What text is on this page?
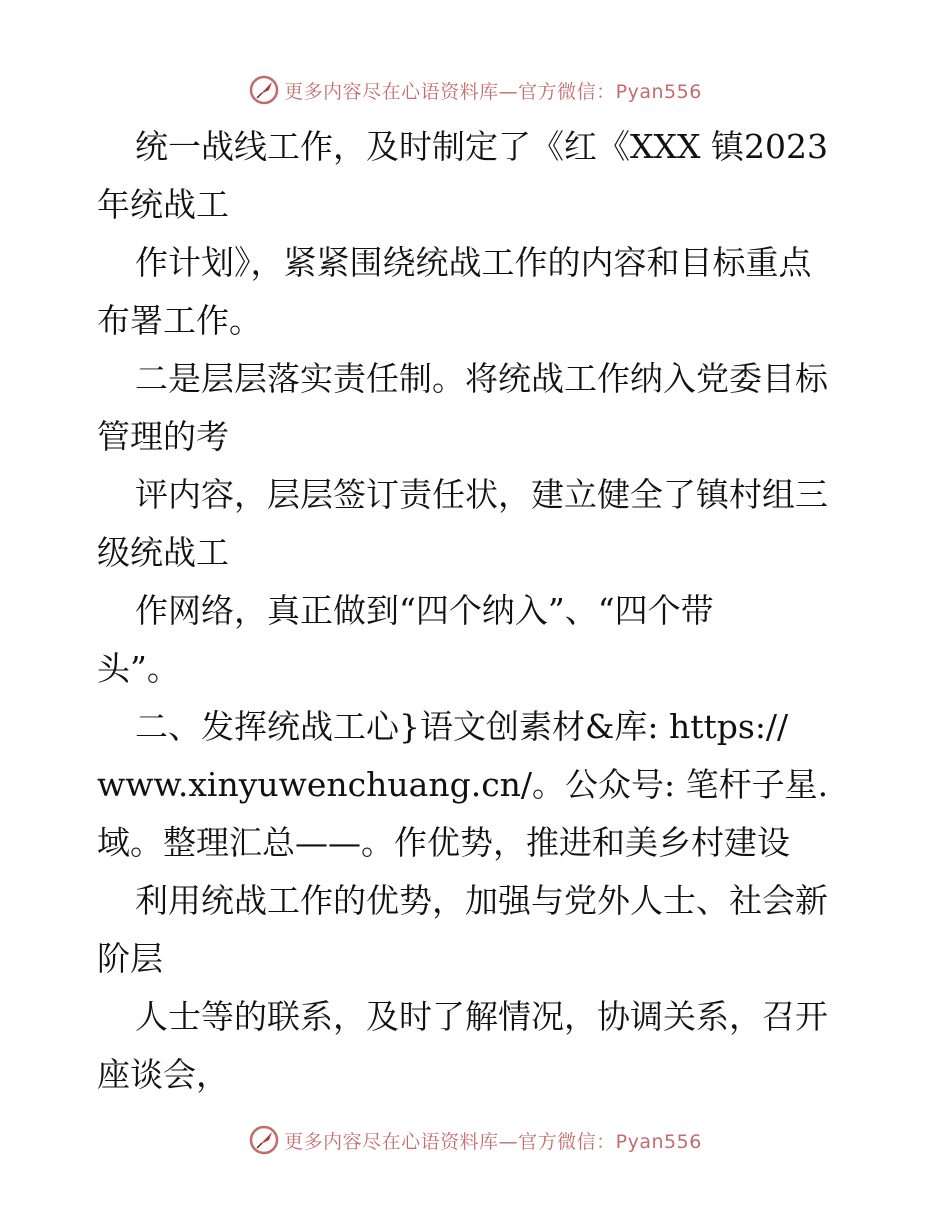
更多内容尽在心语资料库—官方微信：Pyan556
统一战线工作，及时制定了《红《XXX 镇2023
年统战工
作计划》，紧紧围绕统战工作的内容和目标重点
布署工作。
二是层层落实责任制。将统战工作纳入党委目标
管理的考
评内容，层层签订责任状，建立健全了镇村组三
级统战工
作网络，真正做到“四个纳入”、“四个带
头”。
二、发挥统战工心}语文创素材&库: https://
www.xinyuwenchuang.cn/。公众号: 笔杆子星.
域。整理汇总——。作优势，推进和美乡村建设
利用统战工作的优势，加强与党外人士、社会新
阶层
人士等的联系，及时了解情况，协调关系，召开
座谈会，
更多内容尽在心语资料库—官方微信：Pyan556
